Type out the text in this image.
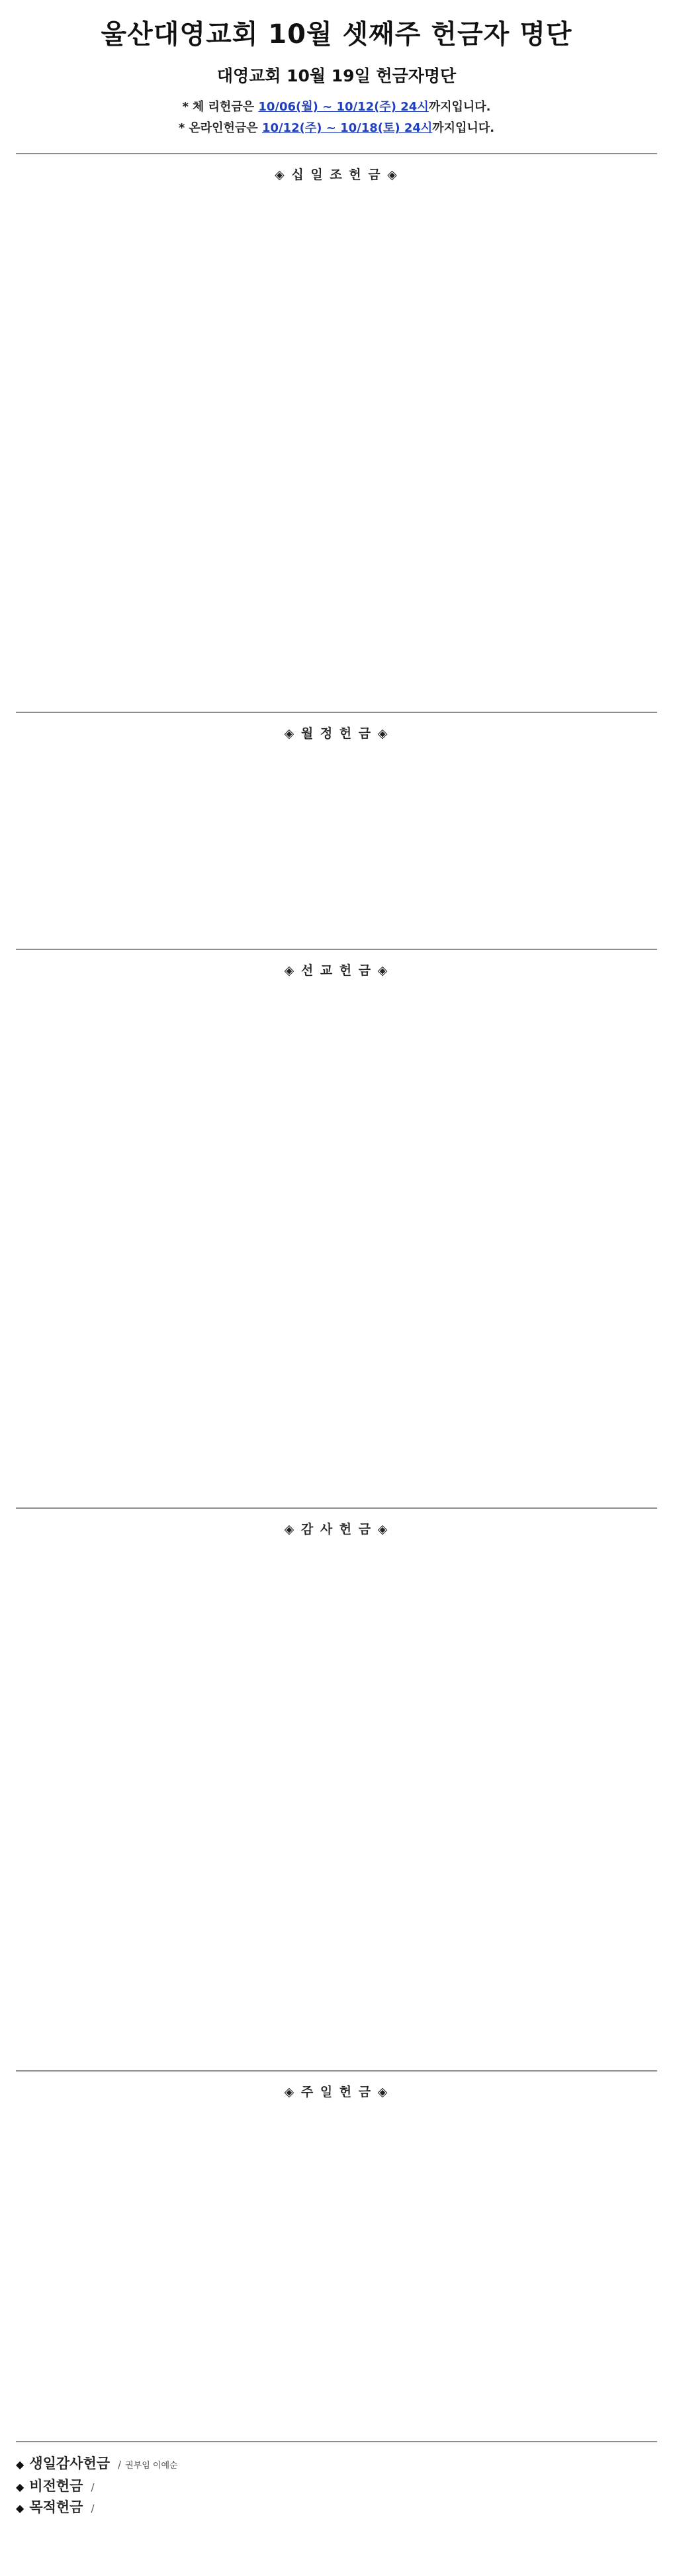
울산대영교회 10월 셋째주 헌금자 명단
대영교회 10월 19일 헌금자명단
* 체 리헌금은 10/06(월) ~ 10/12(주) 24시까지입니다.
* 온라인헌금은 10/12(주) ~ 10/18(토) 24시까지입니다.
◈ 십 일 조 헌 금 ◈

◈ 월 정 헌 금 ◈

◈ 선 교 헌 금 ◈

◈ 감 사 헌 금 ◈

◈ 주 일 헌 금 ◈

◆ 생일감사헌금 / 권부임 이예순
◆ 비전헌금 /
◆ 목적헌금 /
